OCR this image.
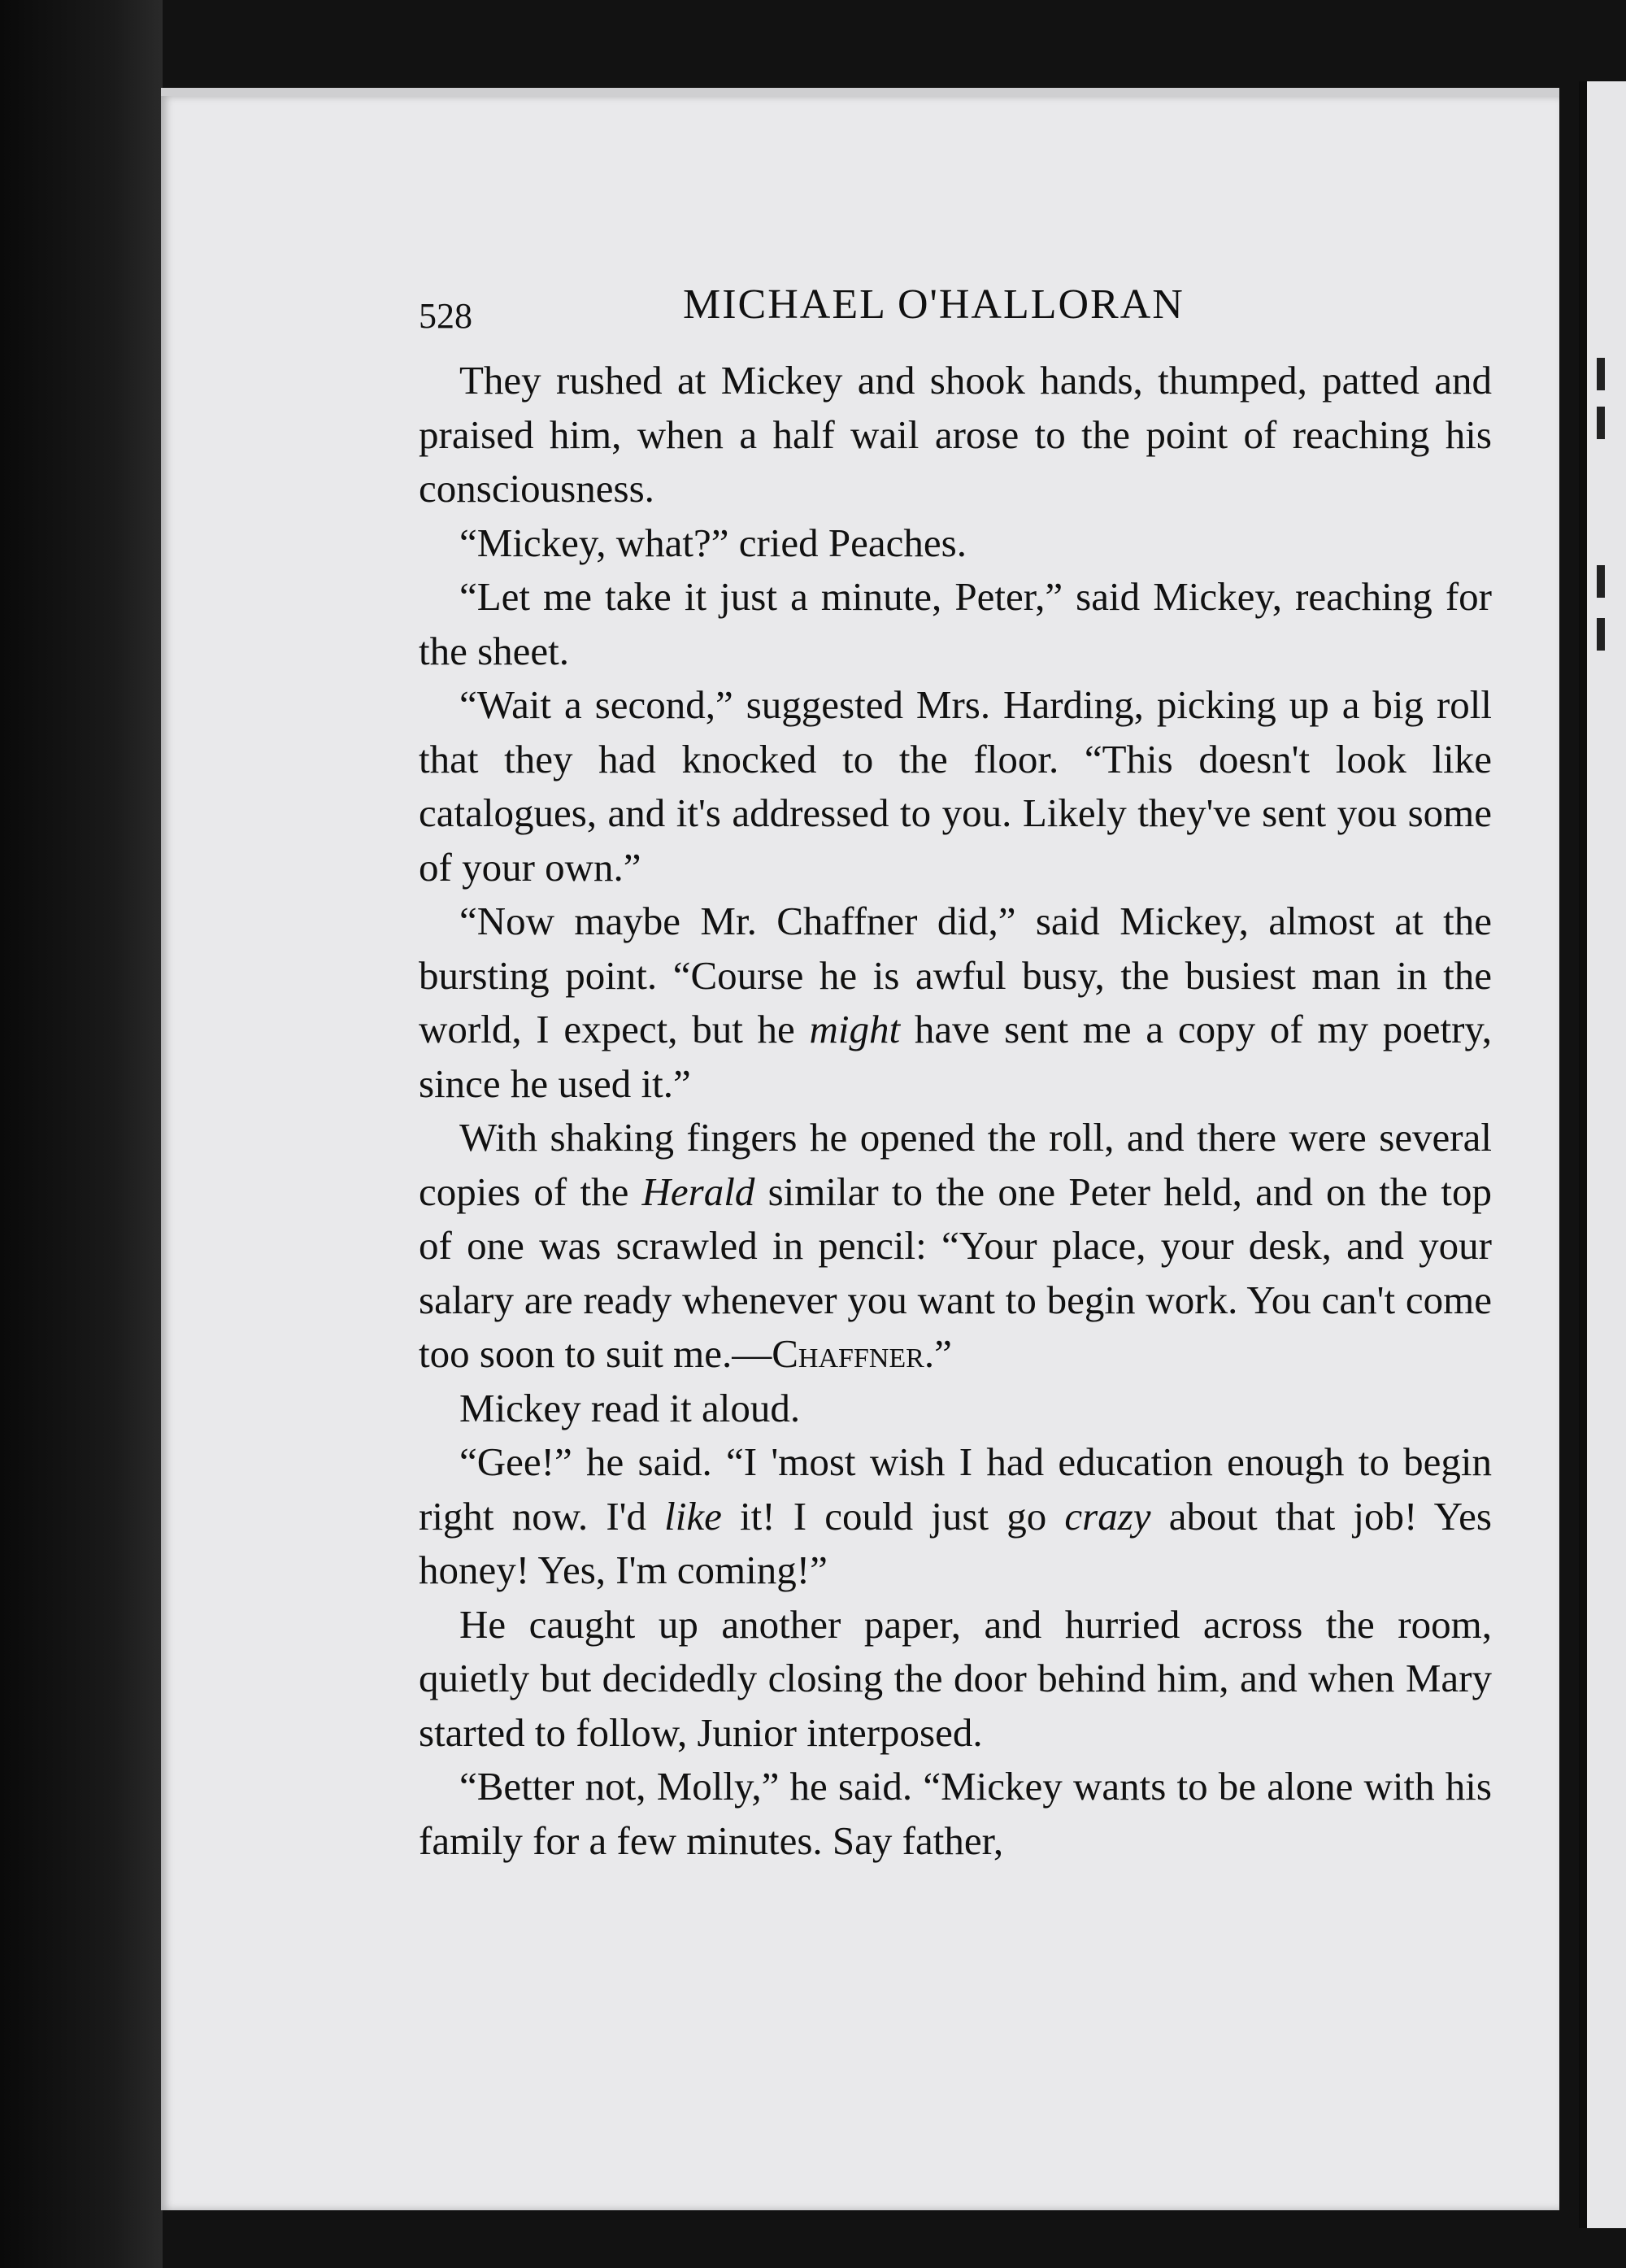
528	MICHAEL O'HALLORAN

They rushed at Mickey and shook hands, thumped, patted and praised him, when a half wail arose to the point of reaching his consciousness.

“Mickey, what?” cried Peaches.

“Let me take it just a minute, Peter,” said Mickey, reaching for the sheet.

“Wait a second,” suggested Mrs. Harding, picking up a big roll that they had knocked to the floor. “This doesn't look like catalogues, and it's addressed to you. Likely they've sent you some of your own.”

“Now maybe Mr. Chaffner did,” said Mickey, almost at the bursting point. “Course he is awful busy, the busiest man in the world, I expect, but he might have sent me a copy of my poetry, since he used it.”

With shaking fingers he opened the roll, and there were several copies of the Herald similar to the one Peter held, and on the top of one was scrawled in pencil: “Your place, your desk, and your salary are ready whenever you want to begin work. You can't come too soon to suit me.—Chaffner.”

Mickey read it aloud.

“Gee!” he said. “I 'most wish I had education enough to begin right now. I'd like it! I could just go crazy about that job! Yes honey! Yes, I'm coming!”

He caught up another paper, and hurried across the room, quietly but decidedly closing the door behind him, and when Mary started to follow, Junior interposed.

“Better not, Molly,” he said. “Mickey wants to be alone with his family for a few minutes. Say father,
